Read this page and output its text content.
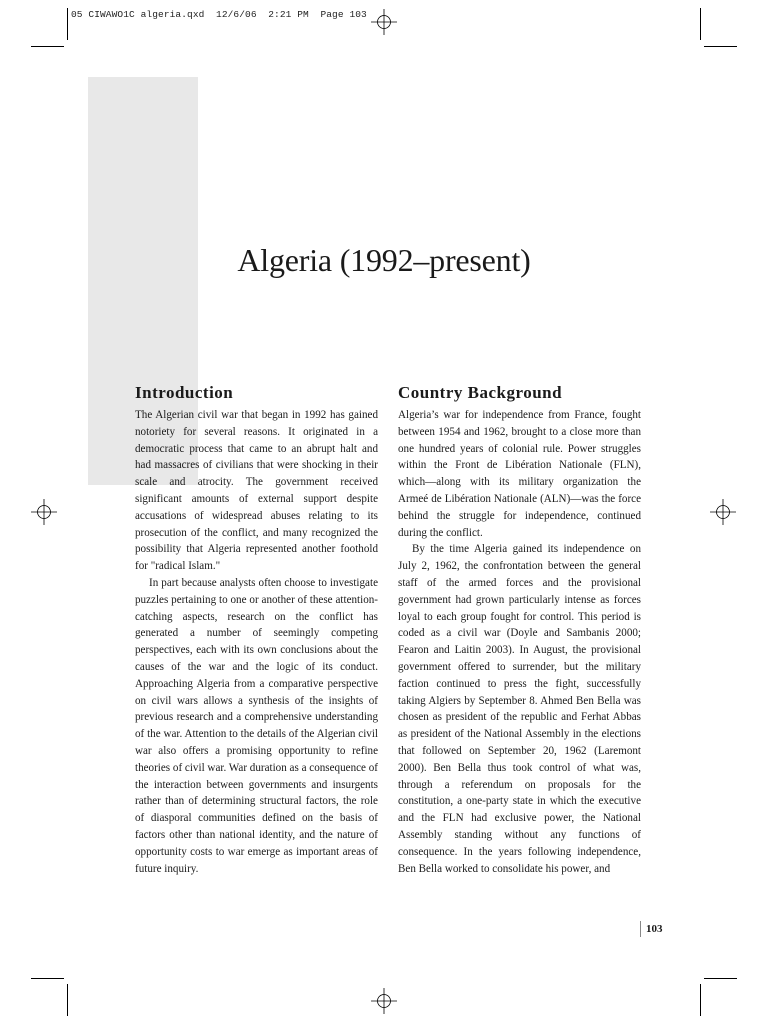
05 CIWAWO1C algeria.qxd  12/6/06  2:21 PM  Page 103
Algeria (1992–present)
Introduction

The Algerian civil war that began in 1992 has gained notoriety for several reasons. It originated in a democratic process that came to an abrupt halt and had massacres of civilians that were shocking in their scale and atrocity. The government received significant amounts of external support despite accusations of widespread abuses relating to its prosecution of the conflict, and many recognized the possibility that Algeria represented another foothold for "radical Islam."

In part because analysts often choose to investigate puzzles pertaining to one or another of these attention-catching aspects, research on the conflict has generated a number of seemingly competing perspectives, each with its own conclusions about the causes of the war and the logic of its conduct. Approaching Algeria from a comparative perspective on civil wars allows a synthesis of the insights of previous research and a comprehensive understanding of the war. Attention to the details of the Algerian civil war also offers a promising opportunity to refine theories of civil war. War duration as a consequence of the interaction between governments and insurgents rather than of determining structural factors, the role of diasporal communities defined on the basis of factors other than national identity, and the nature of opportunity costs to war emerge as important areas of future inquiry.

Country Background

Algeria’s war for independence from France, fought between 1954 and 1962, brought to a close more than one hundred years of colonial rule. Power struggles within the Front de Libération Nationale (FLN), which—along with its military organization the Armeé de Libération Nationale (ALN)—was the force behind the struggle for independence, continued during the conflict.

By the time Algeria gained its independence on July 2, 1962, the confrontation between the general staff of the armed forces and the provisional government had grown particularly intense as forces loyal to each group fought for control. This period is coded as a civil war (Doyle and Sambanis 2000; Fearon and Laitin 2003). In August, the provisional government offered to surrender, but the military faction continued to press the fight, successfully taking Algiers by September 8. Ahmed Ben Bella was chosen as president of the republic and Ferhat Abbas as president of the National Assembly in the elections that followed on September 20, 1962 (Laremont 2000). Ben Bella thus took control of what was, through a referendum on proposals for the constitution, a one-party state in which the executive and the FLN had exclusive power, the National Assembly standing without any functions of consequence. In the years following independence, Ben Bella worked to consolidate his power, and

103
